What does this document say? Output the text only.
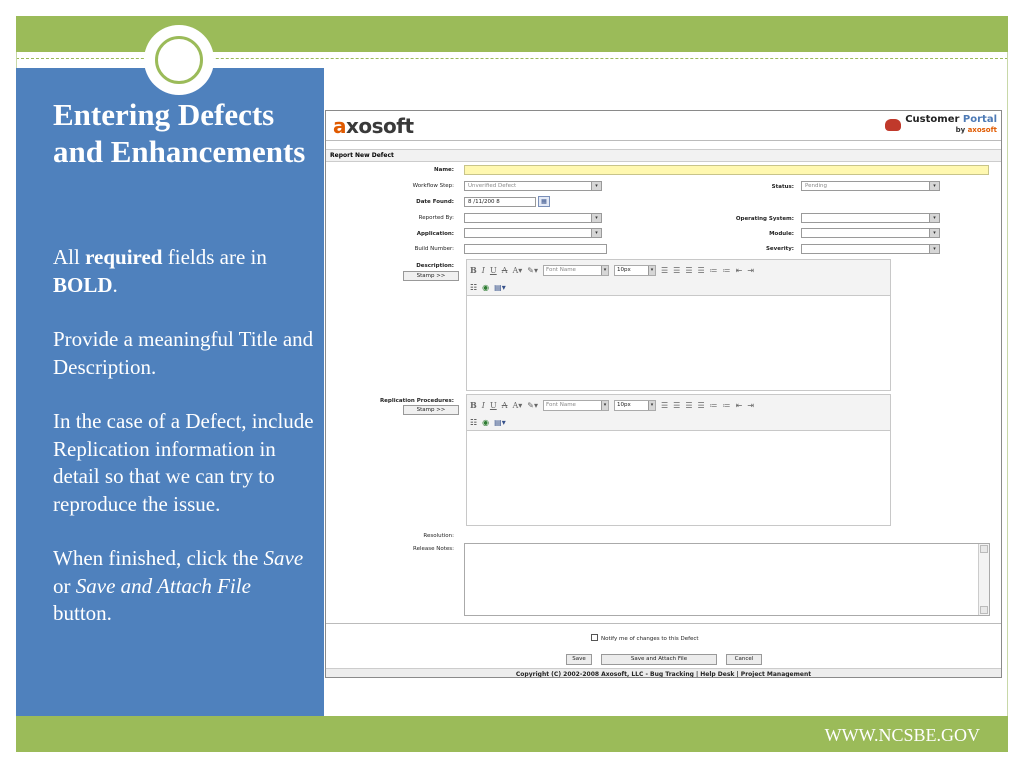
Entering Defects and Enhancements

All required fields are in BOLD.

Provide a meaningful Title and Description.

In the case of a Defect, include Replication information in detail so that we can try to reproduce the issue.

When finished, click the Save or Save and Attach File button.

WWW.NCSBE.GOV
axosoft	Customer Portal
by axosoft
Report New Defect
Name:
Workflow Step:	Unverified Defect	▾	Status:	Pending	▾
Date Found:	8 /11/200 8	▦
Reported By:	▾	Operating System:	▾
Application:	▾	Module:	▾
Build Number:	Severity:	▾
Description:
Stamp >>
B I U A A▾ ✎▾	Font Name	▾	10px	▾ ☰ ☰ ☰ ☰ ≔ ≔ ⇤ ⇥
☷ ◉ ▤▾
Replication Procedures:
Stamp >>	B I U A A▾ ✎▾	Font Name	▾	10px	▾ ☰ ☰ ☰ ☰ ≔ ≔ ⇤ ⇥
☷ ◉ ▤▾
Resolution:
Release Notes:
Notify me of changes to this Defect
Save	Save and Attach File	Cancel
Copyright (C) 2002-2008 Axosoft, LLC - Bug Tracking | Help Desk | Project Management
